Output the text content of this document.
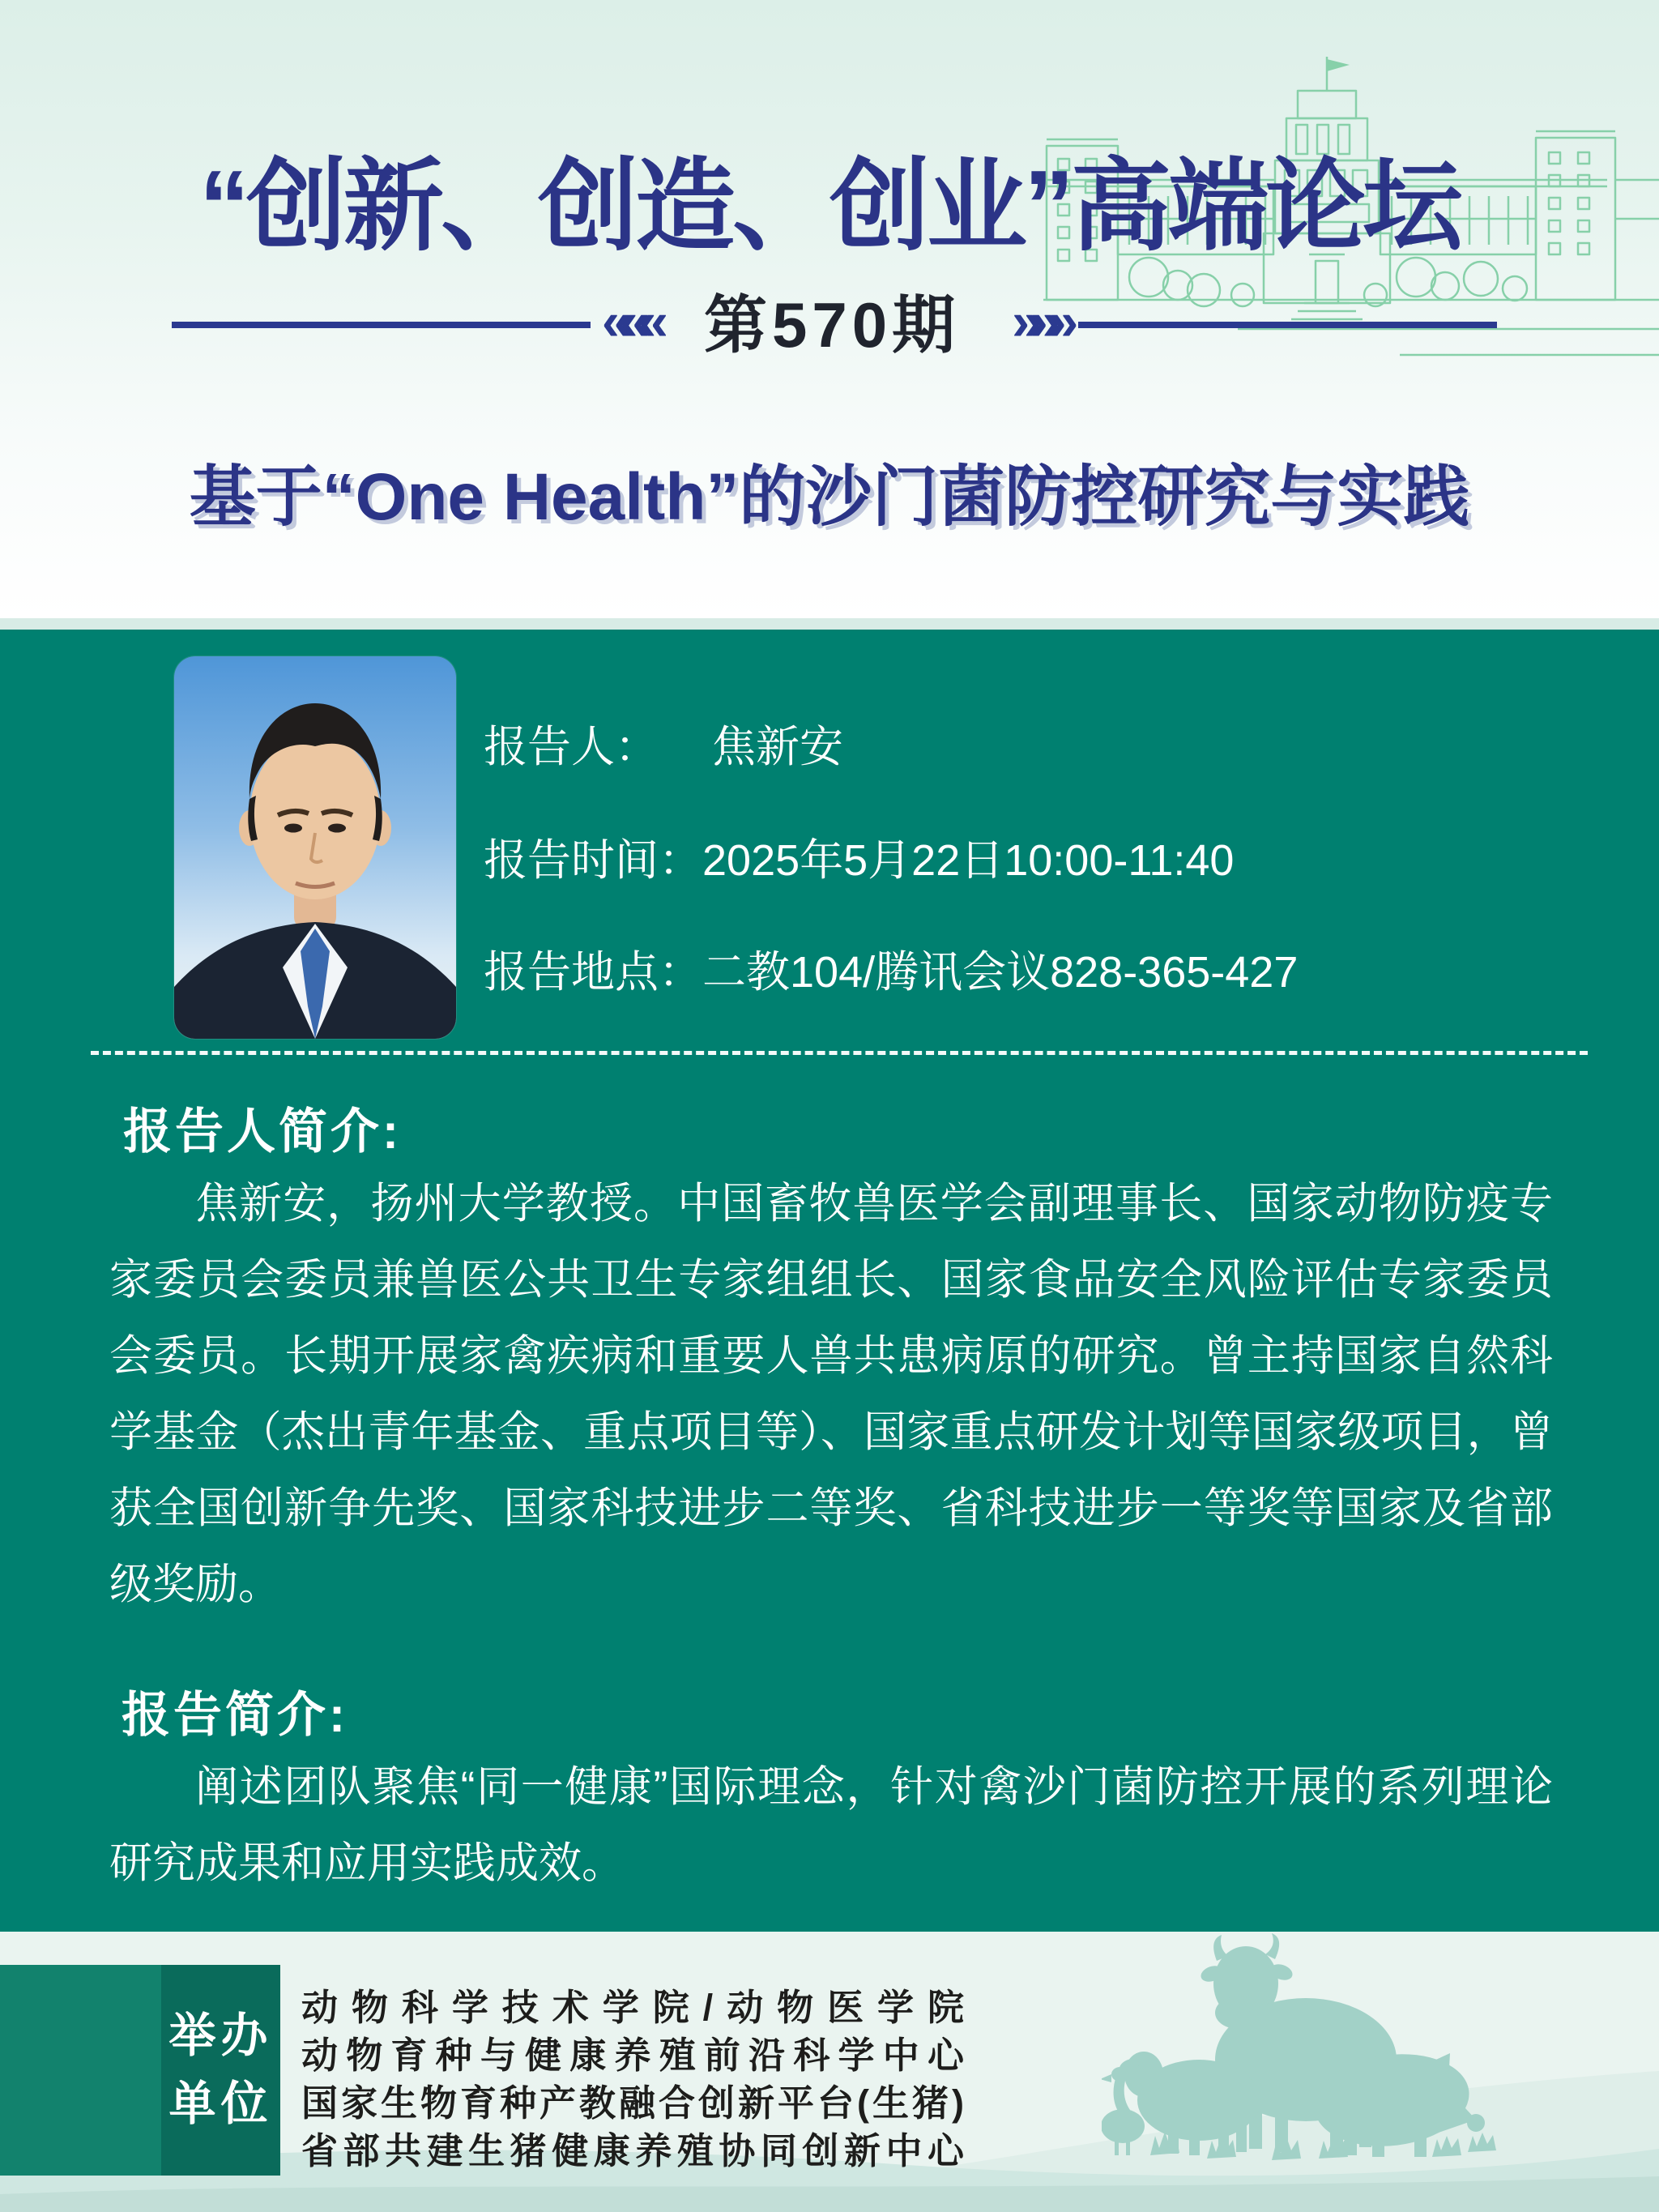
“创新、创造、创业”高端论坛
««« 第570期 »»»
基于“One Health”的沙门菌防控研究与实践
报告人： 焦新安
报告时间： 2025年5月22日10:00-11:40
报告地点： 二教104/腾讯会议828-365-427
报告人简介:
焦新安，扬州大学教授。中国畜牧兽医学会副理事长、国家动物防疫专家委员会委员兼兽医公共卫生专家组组长、国家食品安全风险评估专家委员会委员。长期开展家禽疾病和重要人兽共患病原的研究。曾主持国家自然科学基金（杰出青年基金、重点项目等）、国家重点研发计划等国家级项目，曾获全国创新争先奖、国家科技进步二等奖、省科技进步一等奖等国家及省部级奖励。
报告简介:
阐述团队聚焦“同一健康”国际理念，针对禽沙门菌防控开展的系列理论研究成果和应用实践成效。
举办
单位
动物科学技术学院/动物医学院
动物育种与健康养殖前沿科学中心
国家生物育种产教融合创新平台(生猪)
省部共建生猪健康养殖协同创新中心
